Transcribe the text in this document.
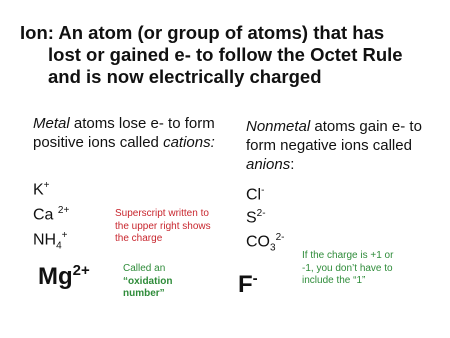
Ion: An atom (or group of atoms) that has
lost or gained e- to follow the Octet Rule
and is now electrically charged
Metal atoms lose e- to form positive ions called cations:
Nonmetal atoms gain e- to form negative ions called anions:
K+
Ca $^{2+}$
$NH_4^+$
Cl-
$S^{2-}$
$CO_3^{2-}$
$Mg^{2+}$
F-
Superscript written to the upper right shows the charge
Called an
“oxidation number”
If the charge is +1 or -1, you don’t have to include the “1”
